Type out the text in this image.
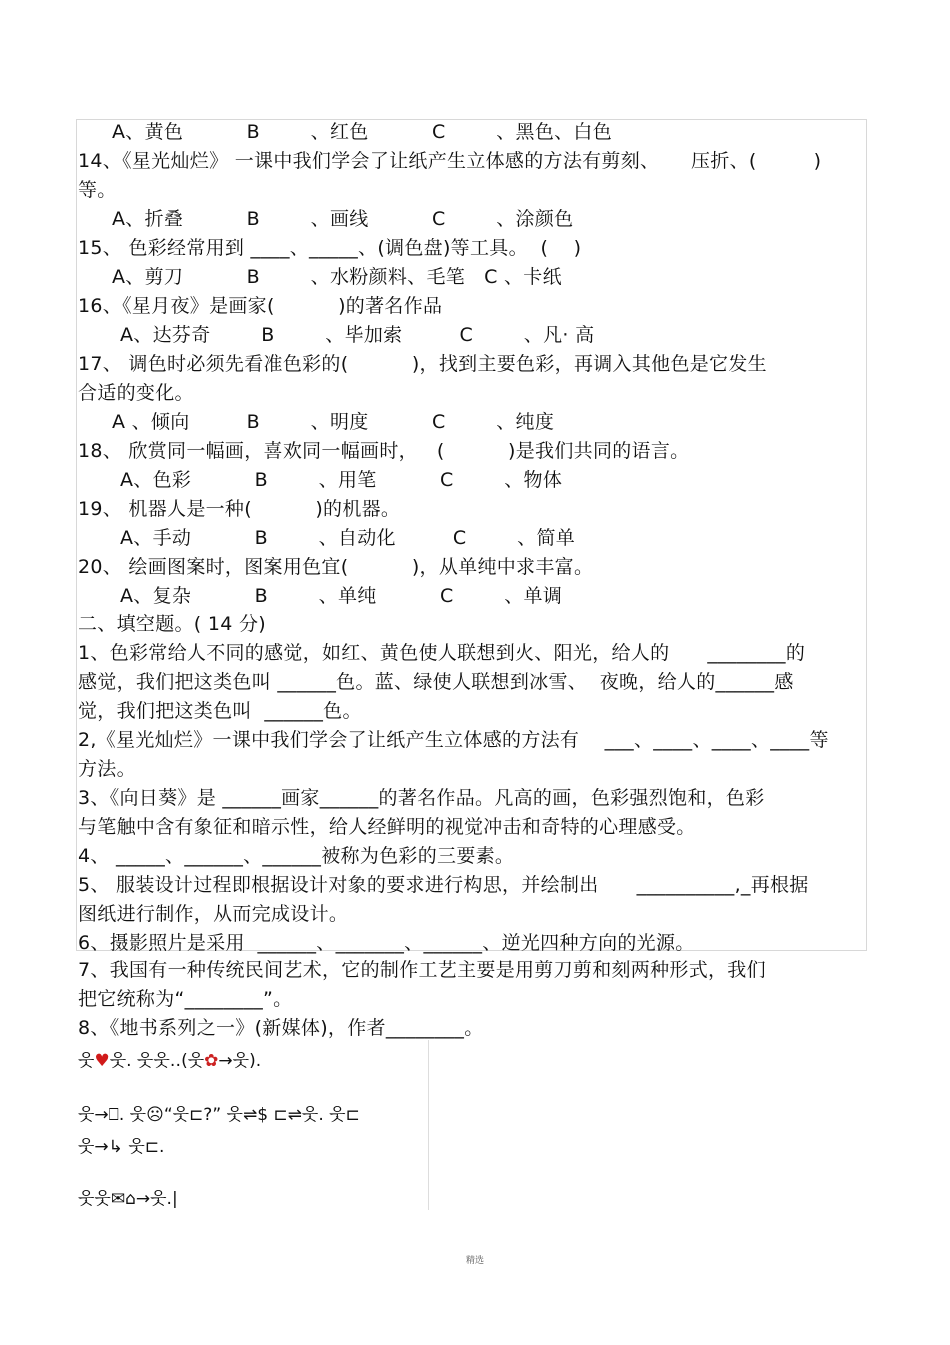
A、黄色          B        、红色          C        、黑色、白色
14、《星光灿烂》 一课中我们学会了让纸产生立体感的方法有剪刻、     压折、(         )
等。
A、折叠          B        、画线          C        、涂颜色
15、 色彩经常用到 ____、_____、(调色盘)等工具。  (    )
A、剪刀          B        、水粉颜料、毛笔   C 、卡纸
16、《星月夜》是画家(          )的著名作品
A、达芬奇        B        、毕加索         C        、凡· 高
17、 调色时必须先看准色彩的(          )，找到主要色彩，再调入其他色是它发生
合适的变化。
A 、倾向         B        、明度          C        、纯度
18、 欣赏同一幅画，喜欢同一幅画时，   (          )是我们共同的语言。
A、色彩          B        、用笔          C        、物体
19、 机器人是一种(          )的机器。
A、手动          B        、自动化         C        、简单
20、 绘画图案时，图案用色宜(          )，从单纯中求丰富。
A、复杂          B        、单纯          C        、单调
二、填空题。( 14 分)
1、色彩常给人不同的感觉，如红、黄色使人联想到火、阳光，给人的      ________的
感觉，我们把这类色叫 ______色。蓝、绿使人联想到冰雪、  夜晚，给人的______感
觉，我们把这类色叫  ______色。
2,《星光灿烂》一课中我们学会了让纸产生立体感的方法有    ___、____、____、____等
方法。
3、《向日葵》是 ______画家______的著名作品。凡高的画，色彩强烈饱和，色彩
与笔触中含有象征和暗示性，给人经鲜明的视觉冲击和奇特的心理感受。
4、 _____、______、______被称为色彩的三要素。
5、 服装设计过程即根据设计对象的要求进行构思，并绘制出      __________,_再根据
图纸进行制作，从而完成设计。
6、摄影照片是采用  ______、_______、______、逆光四种方向的光源。
7、我国有一种传统民间艺术，它的制作工艺主要是用剪刀剪和刻两种形式，我们
把它统称为“________”。
8、《地书系列之一》(新媒体)，作者________。
웃♥웃. 웃웃‥(웃✿→웃).
웃→⎕. 웃☹“웃⊏?” 웃⇌$ ⊏⇌웃. 웃⊏
웃→↳ 웃⊏.
웃웃✉⌂→웃.|
精选
